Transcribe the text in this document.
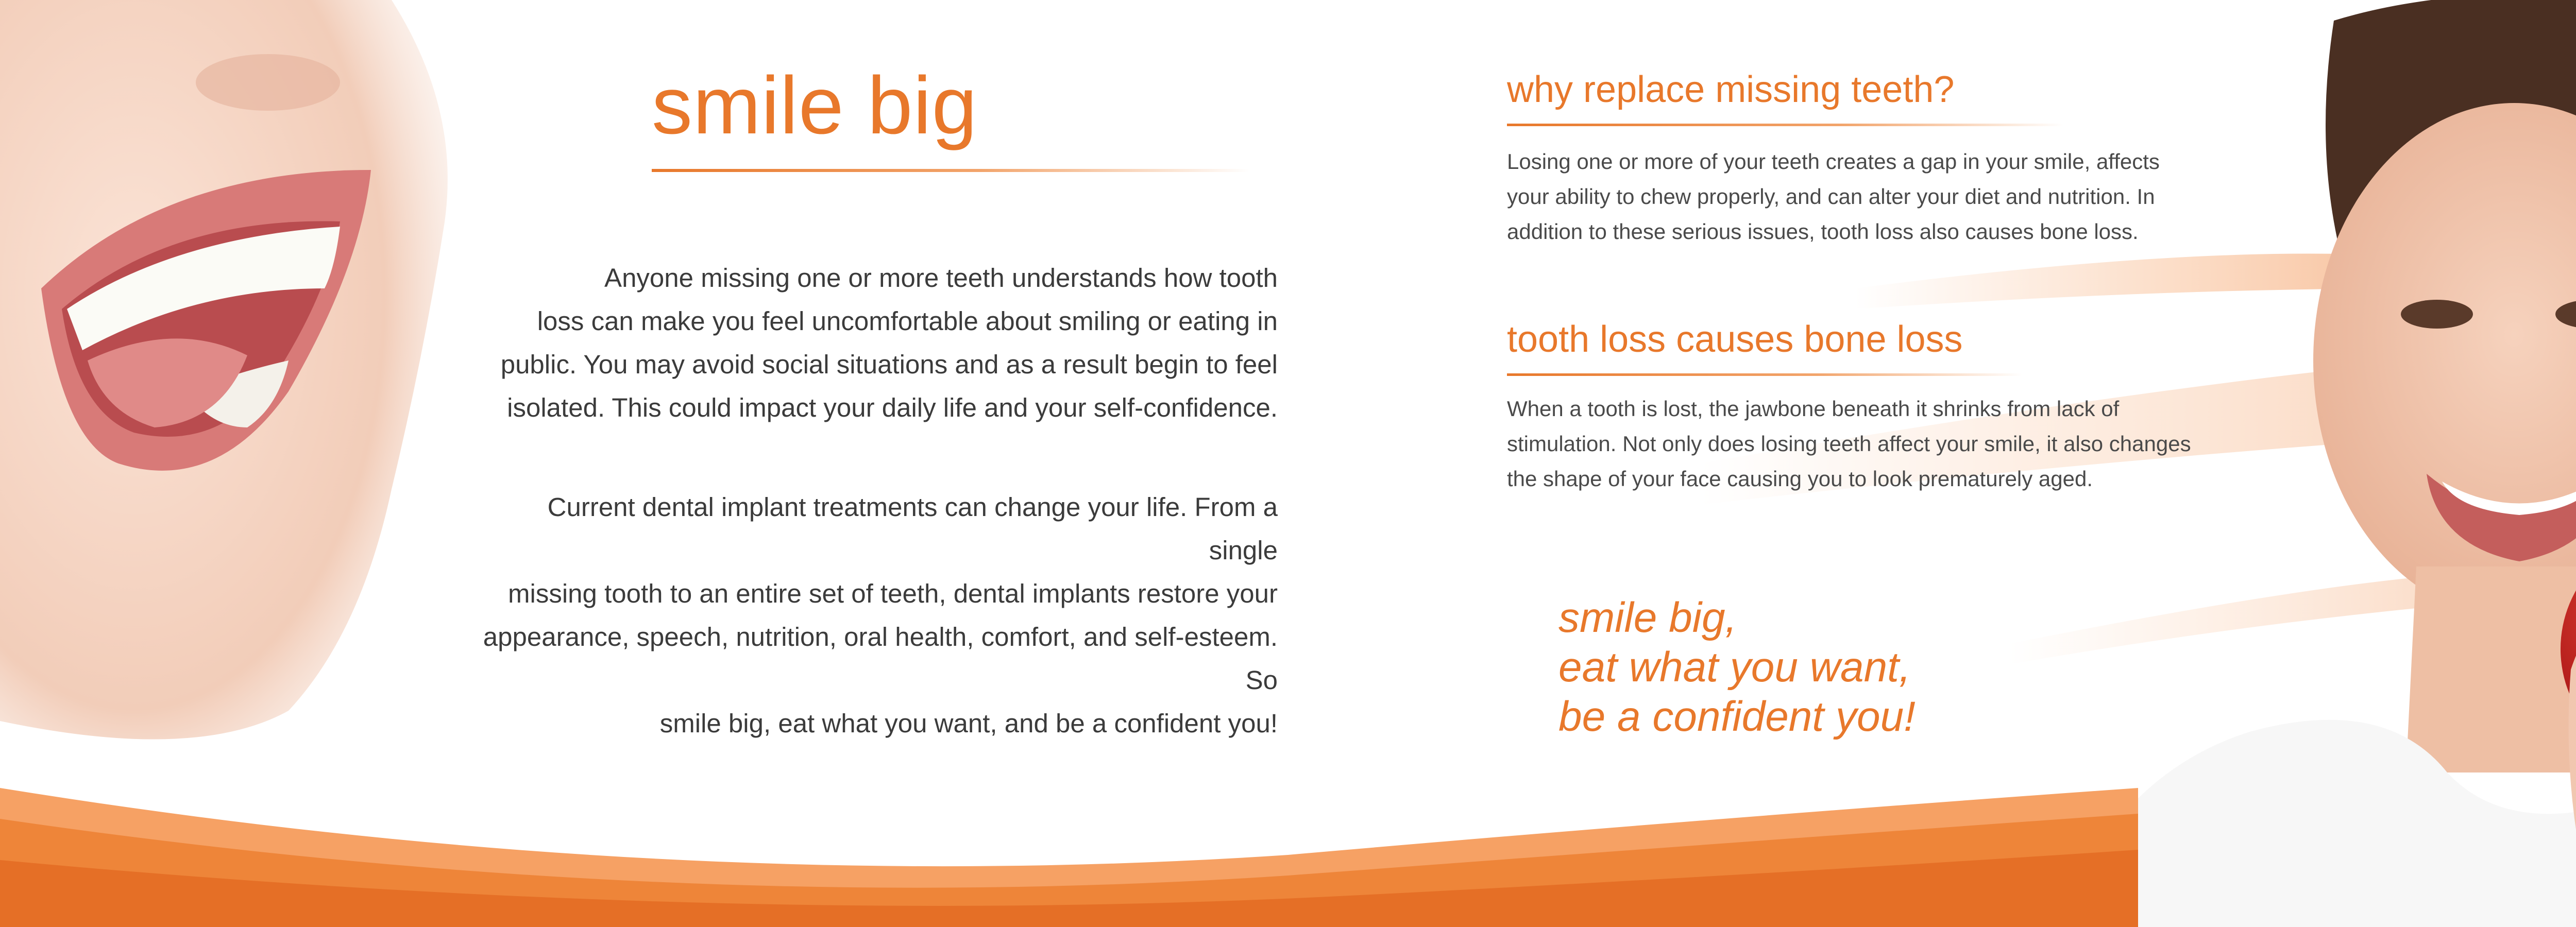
smile big

Anyone missing one or more teeth understands how tooth
loss can make you feel uncomfortable about smiling or eating in
public. You may avoid social situations and as a result begin to feel
isolated. This could impact your daily life and your self-confidence.

Current dental implant treatments can change your life. From a single
missing tooth to an entire set of teeth, dental implants restore your
appearance, speech, nutrition, oral health, comfort, and self-esteem. So
smile big, eat what you want, and be a confident you!

why replace missing teeth?

Losing one or more of your teeth creates a gap in your smile, affects
your ability to chew properly, and can alter your diet and nutrition. In
addition to these serious issues, tooth loss also causes bone loss.

tooth loss causes bone loss

When a tooth is lost, the jawbone beneath it shrinks from lack of
stimulation. Not only does losing teeth affect your smile, it also changes
the shape of your face causing you to look prematurely aged.

smile big,
eat what you want,
be a confident you!
